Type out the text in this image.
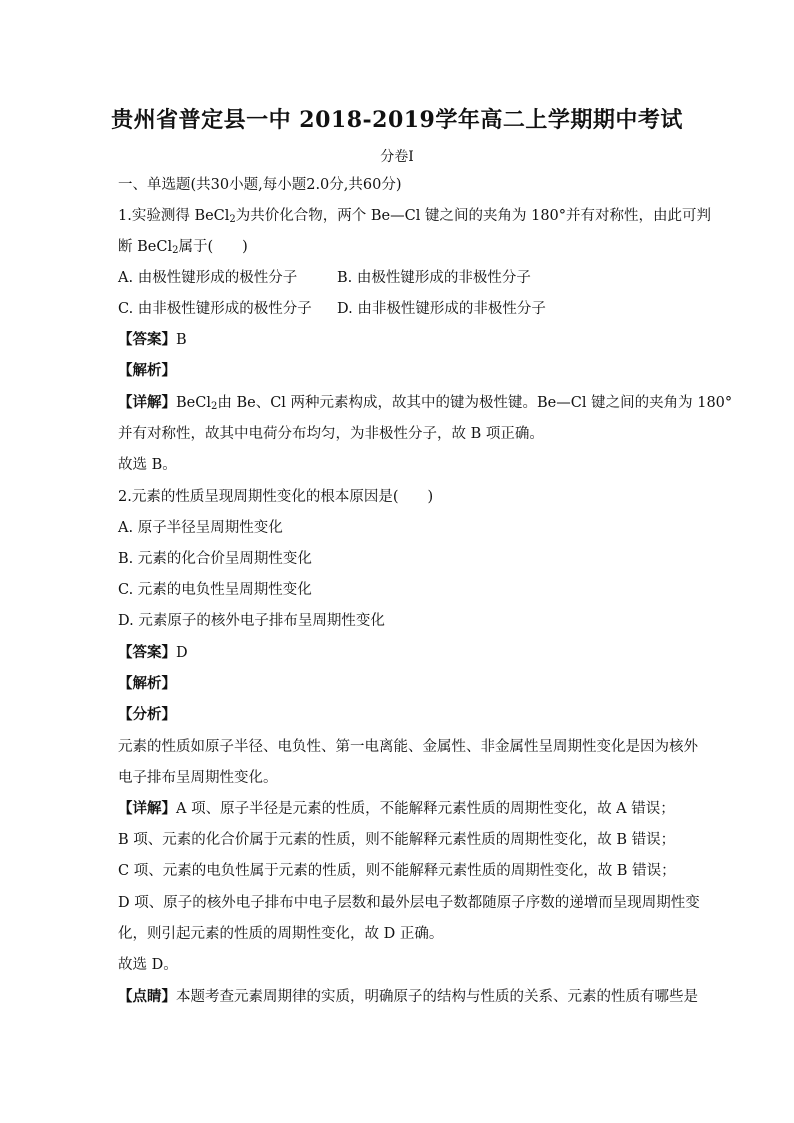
贵州省普定县一中 2018-2019学年高二上学期期中考试
分卷I
一、单选题(共30小题,每小题2.0分,共60分)
1.实验测得 BeCl$_2$为共价化合物，两个 Be—Cl 键之间的夹角为 180°并有对称性，由此可判
断 BeCl$_2$属于(　　)
A. 由极性键形成的极性分子	B. 由极性键形成的非极性分子
C. 由非极性键形成的极性分子 D. 由非极性键形成的非极性分子
【答案】B
【解析】
【详解】BeCl$_2$由 Be、Cl 两种元素构成，故其中的键为极性键。Be—Cl 键之间的夹角为 180°
并有对称性，故其中电荷分布均匀，为非极性分子，故 B 项正确。
故选 B。
2.元素的性质呈现周期性变化的根本原因是(　　)
A. 原子半径呈周期性变化
B. 元素的化合价呈周期性变化
C. 元素的电负性呈周期性变化
D. 元素原子的核外电子排布呈周期性变化
【答案】D
【解析】
【分析】
元素的性质如原子半径、电负性、第一电离能、金属性、非金属性呈周期性变化是因为核外
电子排布呈周期性变化。
【详解】A 项、原子半径是元素的性质，不能解释元素性质的周期性变化，故 A 错误；
B 项、元素的化合价属于元素的性质，则不能解释元素性质的周期性变化，故 B 错误；
C 项、元素的电负性属于元素的性质，则不能解释元素性质的周期性变化，故 B 错误；
D 项、原子的核外电子排布中电子层数和最外层电子数都随原子序数的递增而呈现周期性变
化，则引起元素的性质的周期性变化，故 D 正确。
故选 D。
【点睛】本题考查元素周期律的实质，明确原子的结构与性质的关系、元素的性质有哪些是
